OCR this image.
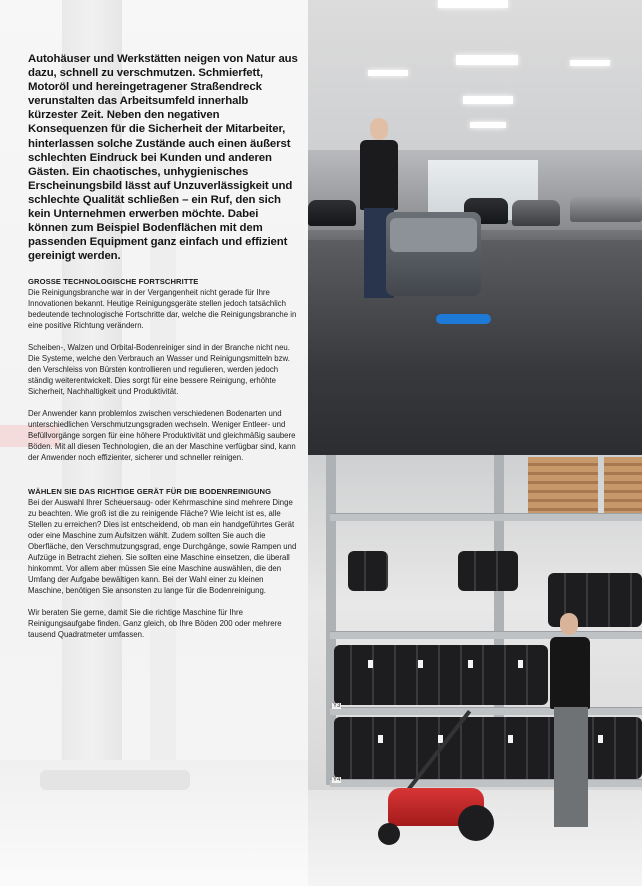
Autohäuser und Werkstätten neigen von Natur aus dazu, schnell zu verschmutzen. Schmierfett, Motoröl und hereingetragener Straßendreck verunstalten das Arbeitsumfeld innerhalb kürzester Zeit. Neben den negativen Konsequenzen für die Sicherheit der Mitarbeiter, hinterlassen solche Zustände auch einen äußerst schlechten Eindruck bei Kunden und anderen Gästen. Ein chaotisches, unhygienisches Erscheinungsbild lässt auf Unzuverlässigkeit und schlechte Qualität schließen – ein Ruf, den sich kein Unternehmen erwerben möchte. Dabei können zum Beispiel Bodenflächen mit dem passenden Equipment ganz einfach und effizient gereinigt werden.

GROSSE TECHNOLOGISCHE FORTSCHRITTE

Die Reinigungsbranche war in der Vergangenheit nicht gerade für Ihre Innovationen bekannt. Heutige Reinigungsgeräte stellen jedoch tatsächlich bedeutende technologische Fortschritte dar, welche die Reinigungsbranche in eine positive Richtung verändern.

Scheiben-, Walzen und Orbital-Bodenreiniger sind in der Branche nicht neu. Die Systeme, welche den Verbrauch an Wasser und Reinigungsmitteln bzw. den Verschleiss von Bürsten kontrollieren und regulieren, werden jedoch ständig weiterentwickelt. Dies sorgt für eine bessere Reinigung, erhöhte Sicherheit, Nachhaltigkeit und Produktivität.

Der Anwender kann problemlos zwischen verschiedenen Bodenarten und unterschiedlichen Verschmutzungsgraden wechseln. Weniger Entleer- und Befüllvorgänge sorgen für eine höhere Produktivität und gleichmäßig saubere Böden. Mit all diesen Technologien, die an der Maschine verfügbar sind, kann der Anwender noch effizienter, sicherer und schneller reinigen.

WÄHLEN SIE DAS RICHTIGE GERÄT FÜR DIE BODENREINIGUNG

Bei der Auswahl Ihrer Scheuersaug- oder Kehrmaschine sind mehrere Dinge zu beachten. Wie groß ist die zu reinigende Fläche? Wie leicht ist es, alle Stellen zu erreichen? Dies ist entscheidend, ob man ein handgeführtes Gerät oder eine Maschine zum Aufsitzen wählt. Zudem sollten Sie auch die Oberfläche, den Verschmutzungsgrad, enge Durchgänge, sowie Rampen und Aufzüge in Betracht ziehen. Sie sollten eine Maschine einsetzen, die überall hinkommt. Vor allem aber müssen Sie eine Maschine auswählen, die den Umfang der Aufgabe bewältigen kann. Bei der Wahl einer zu kleinen Maschine, benötigen Sie ansonsten zu lange für die Bodenreinigung.

Wir beraten Sie gerne, damit Sie die richtige Maschine für Ihre Reinigungsaufgabe finden. Ganz gleich, ob Ihre Böden 200 oder mehrere tausend Quadratmeter umfassen.

Y3
Y4
